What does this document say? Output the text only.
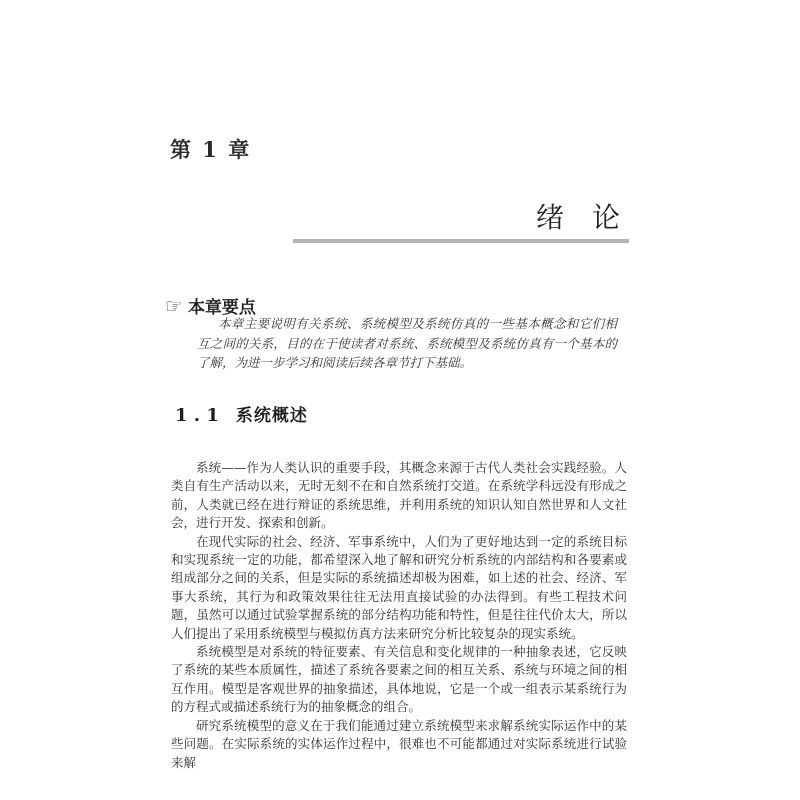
第 1 章
绪　论
☞ 本章要点

本章主要说明有关系统、系统模型及系统仿真的一些基本概念和它们相互之间的关系，目的在于使读者对系统、系统模型及系统仿真有一个基本的了解，为进一步学习和阅读后续各章节打下基础。

1 . 1 系统概述

系统——作为人类认识的重要手段，其概念来源于古代人类社会实践经验。人类自有生产活动以来，无时无刻不在和自然系统打交道。在系统学科远没有形成之前，人类就已经在进行辩证的系统思维，并利用系统的知识认知自然世界和人文社会，进行开发、探索和创新。

在现代实际的社会、经济、军事系统中，人们为了更好地达到一定的系统目标和实现系统一定的功能，都希望深入地了解和研究分析系统的内部结构和各要素或组成部分之间的关系，但是实际的系统描述却极为困难，如上述的社会、经济、军事大系统，其行为和政策效果往往无法用直接试验的办法得到。有些工程技术问题，虽然可以通过试验掌握系统的部分结构功能和特性，但是往往代价太大，所以人们提出了采用系统模型与模拟仿真方法来研究分析比较复杂的现实系统。

系统模型是对系统的特征要素、有关信息和变化规律的一种抽象表述，它反映了系统的某些本质属性，描述了系统各要素之间的相互关系、系统与环境之间的相互作用。模型是客观世界的抽象描述，具体地说，它是一个或一组表示某系统行为的方程式或描述系统行为的抽象概念的组合。

研究系统模型的意义在于我们能通过建立系统模型来求解系统实际运作中的某些问题。在实际系统的实体运作过程中，很难也不可能都通过对实际系统进行试验来解
